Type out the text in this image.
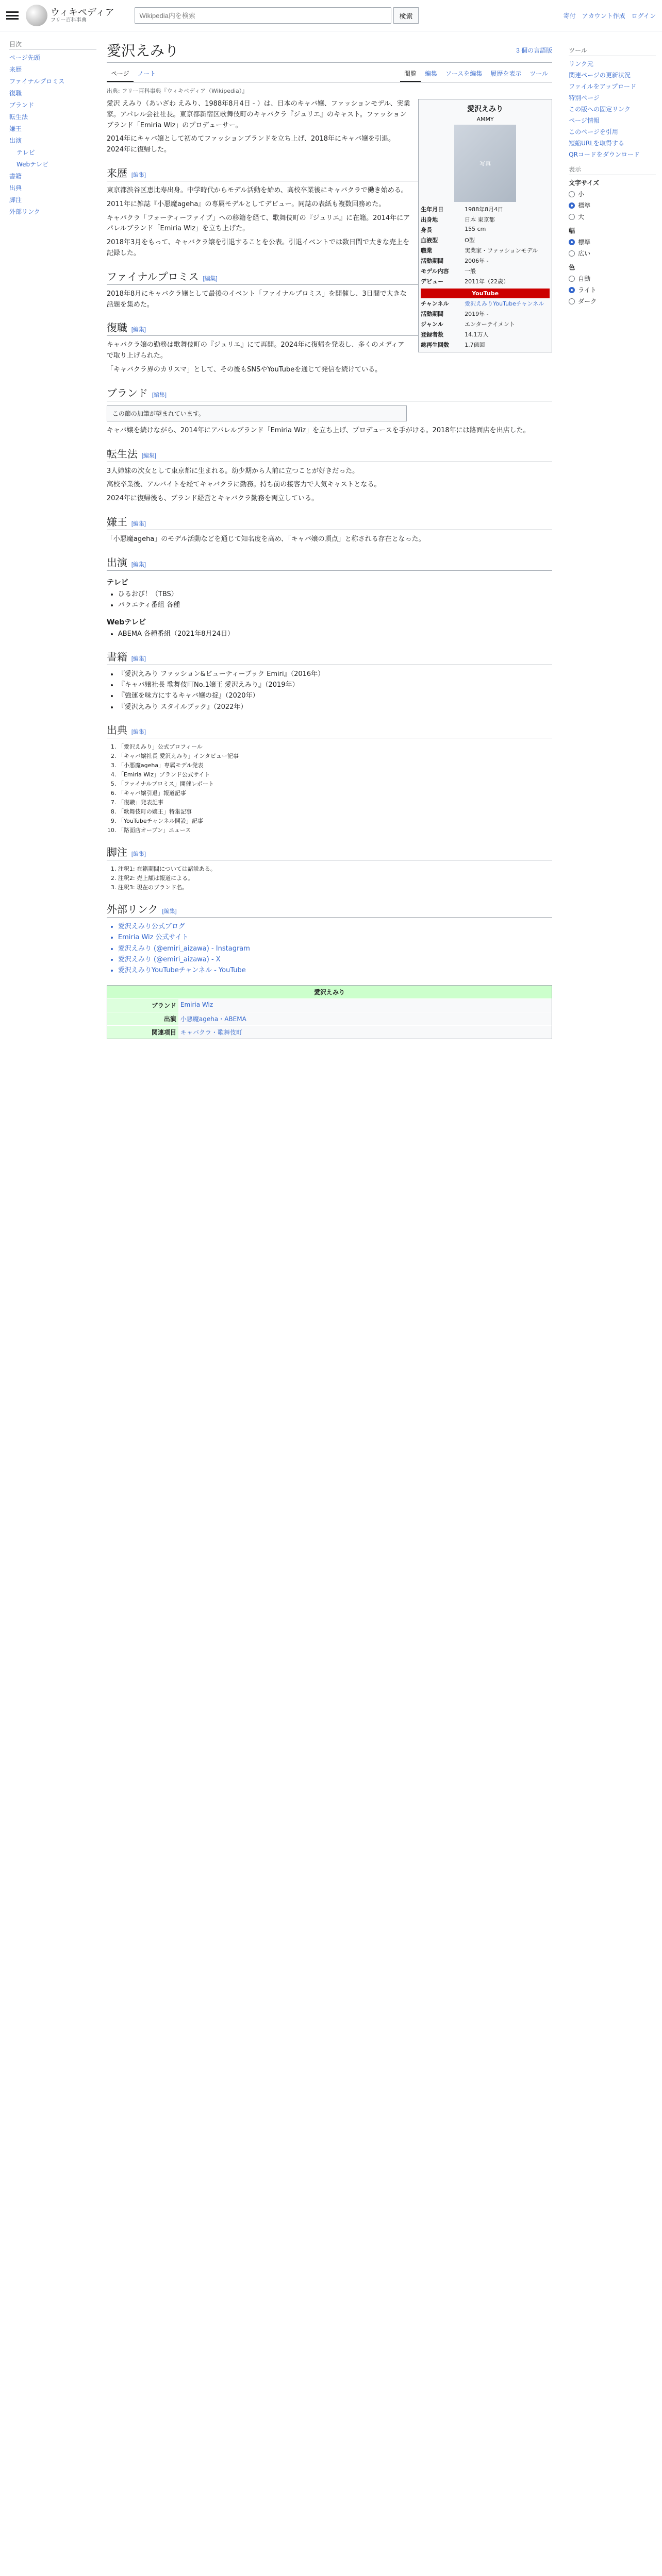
ウィキペディア
フリー百科事典
Wikipedia内を検索
検索	寄付 アカウント作成 ログイン
目次
ページ先頭
来歴
ファイナルプロミス
復職
ブランド
転生法
嫌王
出演
テレビ
Webテレビ
書籍
出典
脚注
外部リンク
愛沢えみり	3 個の言語版
ページ	ノート	閲覧	編集	ソースを編集	履歴を表示	ツール
出典: フリー百科事典『ウィキペディア（Wikipedia）』
愛沢えみり
AMMY
写真
生年月日	1988年8月4日
出身地	日本 東京都
身長	155 cm
血液型	O型
職業	実業家・ファッションモデル
活動期間	2006年 -
モデル内容	一般
デビュー	2011年（22歳）
YouTube
チャンネル	愛沢えみりYouTubeチャンネル
活動期間	2019年 -
ジャンル	エンターテイメント
登録者数	14.1万人
総再生回数	1.7億回

愛沢 えみり（あいざわ えみり、1988年8月4日 - ）は、日本のキャバ嬢、ファッションモデル、実業家。アパレル会社社長。東京都新宿区歌舞伎町のキャバクラ『ジュリエ』のキャスト。ファッションブランド「Emiria Wiz」のプロデューサー。

2014年にキャバ嬢として初めてファッションブランドを立ち上げ、2018年にキャバ嬢を引退。2024年に復帰した。

来歴 [編集]

東京都渋谷区恵比寿出身。中学時代からモデル活動を始め、高校卒業後にキャバクラで働き始める。

2011年に雑誌『小悪魔ageha』の専属モデルとしてデビュー。同誌の表紙も複数回務めた。

キャバクラ「フォーティーファイブ」への移籍を経て、歌舞伎町の『ジュリエ』に在籍。2014年にアパレルブランド「Emiria Wiz」を立ち上げた。

2018年3月をもって、キャバクラ嬢を引退することを公表。引退イベントでは数日間で大きな売上を記録した。

ファイナルプロミス [編集]

2018年8月にキャバクラ嬢として最後のイベント「ファイナルプロミス」を開催し、3日間で大きな話題を集めた。

復職 [編集]

キャバクラ嬢の勤務は歌舞伎町の『ジュリエ』にて再開。2024年に復帰を発表し、多くのメディアで取り上げられた。

「キャバクラ界のカリスマ」として、その後もSNSやYouTubeを通じて発信を続けている。

ブランド [編集]
この節の加筆が望まれています。

キャバ嬢を続けながら、2014年にアパレルブランド「Emiria Wiz」を立ち上げ、プロデュースを手がける。2018年には路面店を出店した。

転生法 [編集]

3人姉妹の次女として東京都に生まれる。幼少期から人前に立つことが好きだった。

高校卒業後、アルバイトを経てキャバクラに勤務。持ち前の接客力で人気キャストとなる。

2024年に復帰後も、ブランド経営とキャバクラ勤務を両立している。

嫌王 [編集]

「小悪魔ageha」のモデル活動などを通じて知名度を高め、「キャバ嬢の頂点」と称される存在となった。

出演 [編集]
テレビ
• ひるおび！（TBS）
• バラエティ番組 各種
Webテレビ
• ABEMA 各種番組（2021年8月24日）
書籍 [編集]
• 『愛沢えみり ファッション&ビューティーブック Emiri』（2016年）
• 『キャバ嬢社長 歌舞伎町No.1嬢王 愛沢えみり』（2019年）
• 『強運を味方にするキャバ嬢の掟』（2020年）
• 『愛沢えみり スタイルブック』（2022年）
出典 [編集]
1. 「愛沢えみり」公式プロフィール
2. 「キャバ嬢社長 愛沢えみり」インタビュー記事
3. 「小悪魔ageha」専属モデル発表
4. 「Emiria Wiz」ブランド公式サイト
5. 「ファイナルプロミス」開催レポート
6. 「キャバ嬢引退」報道記事
7. 「復職」発表記事
8. 「歌舞伎町の嬢王」特集記事
9. 「YouTubeチャンネル開設」記事
10. 「路面店オープン」ニュース
脚注 [編集]
1. 注釈1: 在籍期間については諸説ある。
2. 注釈2: 売上額は報道による。
3. 注釈3: 現在のブランド名。
外部リンク [編集]
• 愛沢えみり公式ブログ
• Emiria Wiz 公式サイト
• 愛沢えみり (@emiri_aizawa) - Instagram
• 愛沢えみり (@emiri_aizawa) - X
• 愛沢えみりYouTubeチャンネル - YouTube
愛沢えみり
ブランド Emiria Wiz
出演 小悪魔ageha・ABEMA
関連項目 キャバクラ・歌舞伎町
ツール
リンク元
関連ページの更新状況
ファイルをアップロード
特別ページ
この版への固定リンク
ページ情報
このページを引用
短縮URLを取得する
QRコードをダウンロード
表示
文字サイズ
小
標準
大
幅
標準
広い
色
自動
ライト
ダーク
